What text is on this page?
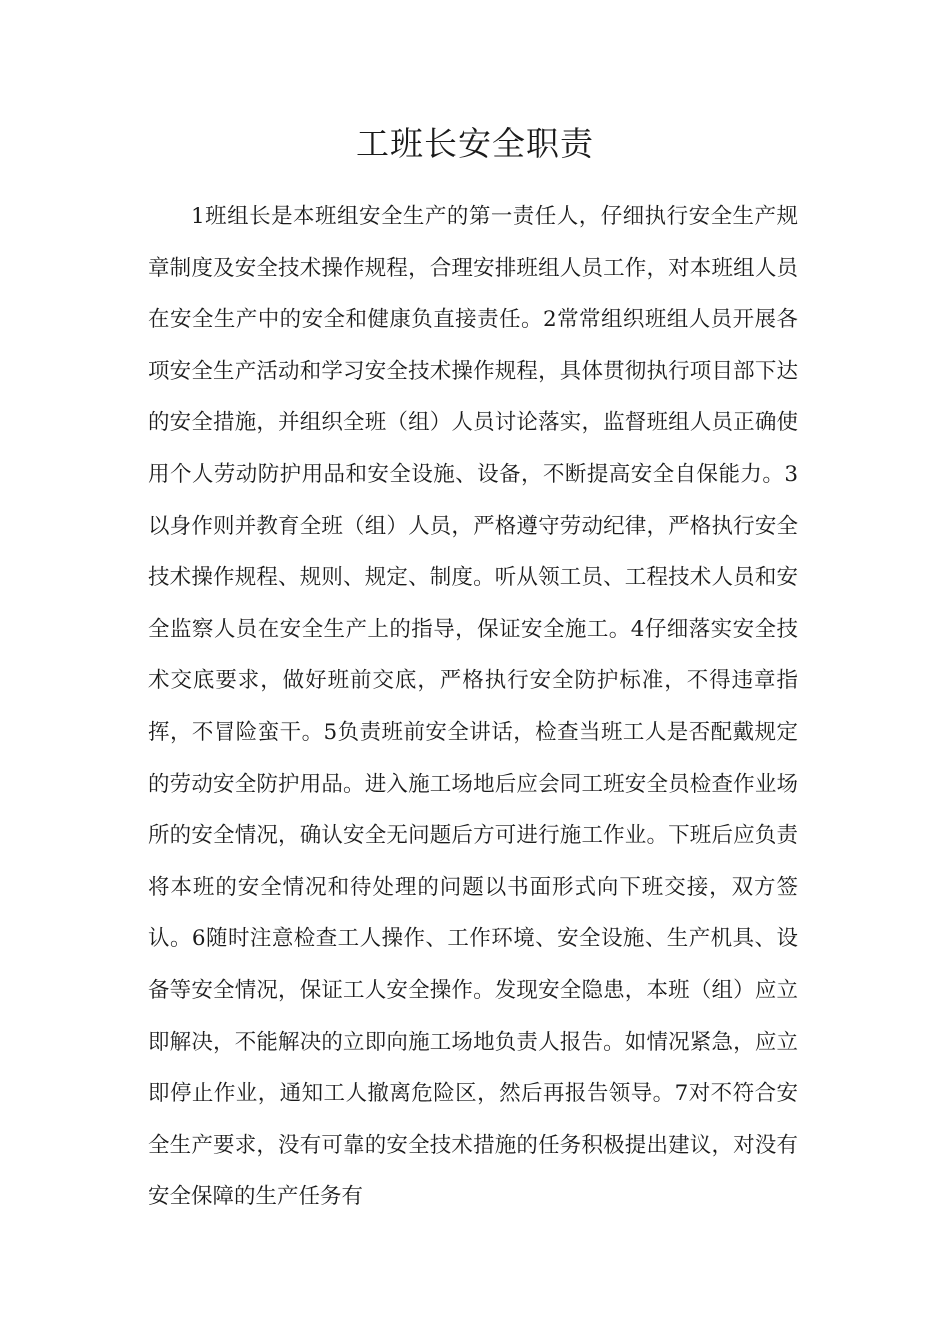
工班长安全职责

1班组长是本班组安全生产的第一责任人，仔细执行安全生产规章制度及安全技术操作规程，合理安排班组人员工作，对本班组人员在安全生产中的安全和健康负直接责任。2常常组织班组人员开展各项安全生产活动和学习安全技术操作规程，具体贯彻执行项目部下达的安全措施，并组织全班（组）人员讨论落实，监督班组人员正确使用个人劳动防护用品和安全设施、设备，不断提高安全自保能力。3以身作则并教育全班（组）人员，严格遵守劳动纪律，严格执行安全技术操作规程、规则、规定、制度。听从领工员、工程技术人员和安全监察人员在安全生产上的指导，保证安全施工。4仔细落实安全技术交底要求，做好班前交底，严格执行安全防护标准，不得违章指挥，不冒险蛮干。5负责班前安全讲话，检查当班工人是否配戴规定的劳动安全防护用品。进入施工场地后应会同工班安全员检查作业场所的安全情况，确认安全无问题后方可进行施工作业。下班后应负责将本班的安全情况和待处理的问题以书面形式向下班交接，双方签认。6随时注意检查工人操作、工作环境、安全设施、生产机具、设备等安全情况，保证工人安全操作。发现安全隐患，本班（组）应立即解决，不能解决的立即向施工场地负责人报告。如情况紧急，应立即停止作业，通知工人撤离危险区，然后再报告领导。7对不符合安全生产要求，没有可靠的安全技术措施的任务积极提出建议，对没有安全保障的生产任务有
